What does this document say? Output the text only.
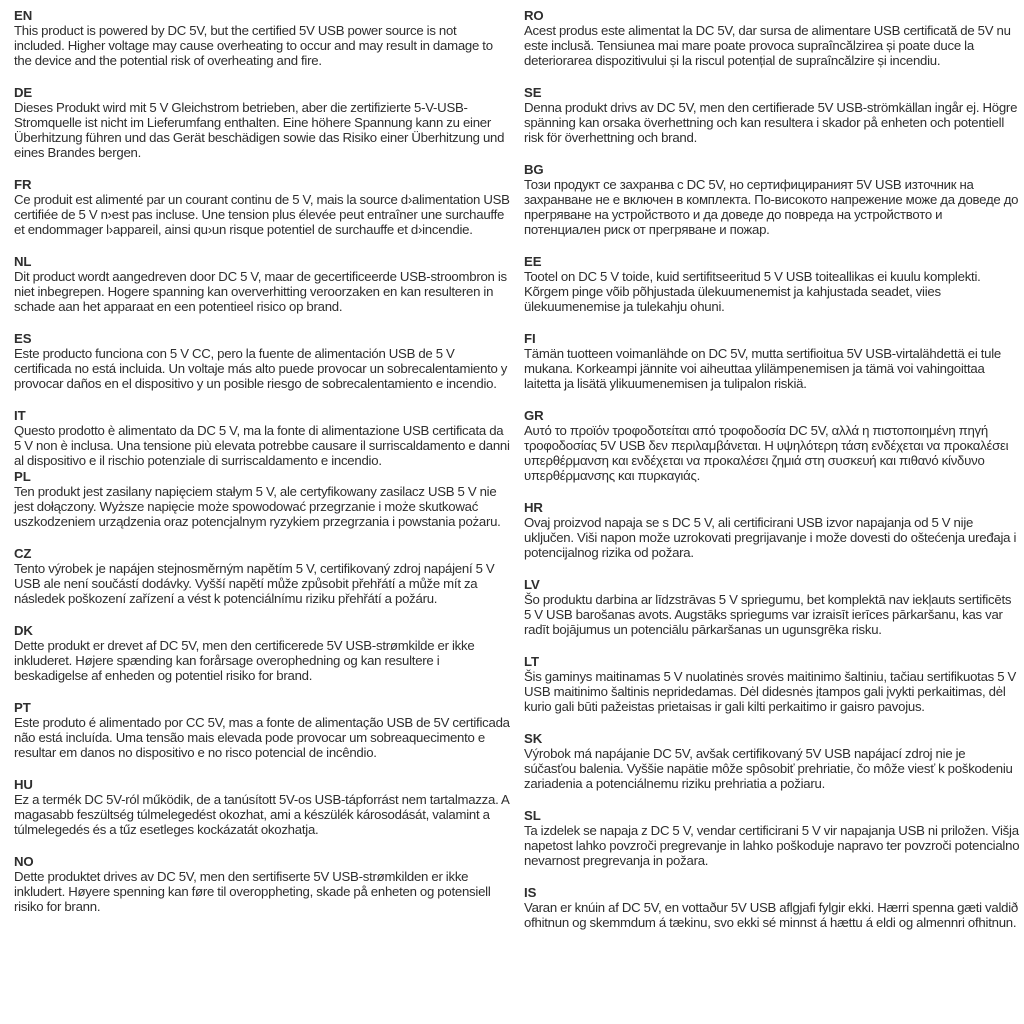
EN

This product is powered by DC 5V, but the certified 5V USB power source is not included. Higher voltage may cause overheating to occur and may result in damage to the device and the potential risk of overheating and fire.

DE

Dieses Produkt wird mit 5 V Gleichstrom betrieben, aber die zertifizierte 5-V-USB-Stromquelle ist nicht im Lieferumfang enthalten. Eine höhere Spannung kann zu einer Überhitzung führen und das Gerät beschädigen sowie das Risiko einer Überhitzung und eines Brandes bergen.

FR

Ce produit est alimenté par un courant continu de 5 V, mais la source d›alimentation USB certifiée de 5 V n›est pas incluse. Une tension plus élevée peut entraîner une surchauffe et endommager l›appareil, ainsi qu›un risque potentiel de surchauffe et d›incendie.

NL

Dit product wordt aangedreven door DC 5 V, maar de gecertificeerde USB-stroombron is niet inbegrepen. Hogere spanning kan oververhitting veroorzaken en kan resulteren in schade aan het apparaat en een potentieel risico op brand.

ES

Este producto funciona con 5 V CC, pero la fuente de alimentación USB de 5 V certificada no está incluida. Un voltaje más alto puede provocar un sobrecalentamiento y provocar daños en el dispositivo y un posible riesgo de sobrecalentamiento e incendio.

IT

Questo prodotto è alimentato da DC 5 V, ma la fonte di alimentazione USB certificata da 5 V non è inclusa. Una tensione più elevata potrebbe causare il surriscaldamento e danni al dispositivo e il rischio potenziale di surriscaldamento e incendio.

PL

Ten produkt jest zasilany napięciem stałym 5 V, ale certyfikowany zasilacz USB 5 V nie jest dołączony. Wyższe napięcie może spowodować przegrzanie i może skutkować uszkodzeniem urządzenia oraz potencjalnym ryzykiem przegrzania i powstania pożaru.

CZ

Tento výrobek je napájen stejnosměrným napětím 5 V, certifikovaný zdroj napájení 5 V USB ale není součástí dodávky. Vyšší napětí může způsobit přehřátí a může mít za následek poškození zařízení a vést k potenciálnímu riziku přehřátí a požáru.

DK

Dette produkt er drevet af DC 5V, men den certificerede 5V USB-strømkilde er ikke inkluderet. Højere spænding kan forårsage overophedning og kan resultere i beskadigelse af enheden og potentiel risiko for brand.

PT

Este produto é alimentado por CC 5V, mas a fonte de alimentação USB de 5V certificada não está incluída. Uma tensão mais elevada pode provocar um sobreaquecimento e resultar em danos no dispositivo e no risco potencial de incêndio.

HU

Ez a termék DC 5V-ról működik, de a tanúsított 5V-os USB-tápforrást nem tartalmazza. A magasabb feszültség túlmelegedést okozhat, ami a készülék károsodását, valamint a túlmelegedés és a tűz esetleges kockázatát okozhatja.

NO

Dette produktet drives av DC 5V, men den sertifiserte 5V USB-strømkilden er ikke inkludert. Høyere spenning kan føre til overoppheting, skade på enheten og potensiell risiko for brann.

RO

Acest produs este alimentat la DC 5V, dar sursa de alimentare USB certificată de 5V nu este inclusă. Tensiunea mai mare poate provoca supraîncălzirea și poate duce la deteriorarea dispozitivului și la riscul potențial de supraîncălzire și incendiu.

SE

Denna produkt drivs av DC 5V, men den certifierade 5V USB-strömkällan ingår ej. Högre spänning kan orsaka överhettning och kan resultera i skador på enheten och potentiell risk för överhettning och brand.

BG

Този продукт се захранва с DC 5V, но сертифицираният 5V USB източник на захранване не е включен в комплекта. По-високото напрежение може да доведе до прегряване на устройството и да доведе до повреда на устройството и потенциален риск от прегряване и пожар.

EE

Tootel on DC 5 V toide, kuid sertifitseeritud 5 V USB toiteallikas ei kuulu komplekti. Kõrgem pinge võib põhjustada ülekuumenemist ja kahjustada seadet, viies ülekuumenemise ja tulekahju ohuni.

FI

Tämän tuotteen voimanlähde on DC 5V, mutta sertifioitua 5V USB-virtalähdettä ei tule mukana. Korkeampi jännite voi aiheuttaa ylilämpenemisen ja tämä voi vahingoittaa laitetta ja lisätä ylikuumenemisen ja tulipalon riskiä.

GR

Αυτό το προϊόν τροφοδοτείται από τροφοδοσία DC 5V, αλλά η πιστοποιημένη πηγή τροφοδοσίας 5V USB δεν περιλαμβάνεται. Η υψηλότερη τάση ενδέχεται να προκαλέσει υπερθέρμανση και ενδέχεται να προκαλέσει ζημιά στη συσκευή και πιθανό κίνδυνο υπερθέρμανσης και πυρκαγιάς.

HR

Ovaj proizvod napaja se s DC 5 V, ali certificirani USB izvor napajanja od 5 V nije uključen. Viši napon može uzrokovati pregrijavanje i može dovesti do oštećenja uređaja i potencijalnog rizika od požara.

LV

Šo produktu darbina ar līdzstrāvas 5 V spriegumu, bet komplektā nav iekļauts sertificēts 5 V USB barošanas avots. Augstāks spriegums var izraisīt ierīces pārkaršanu, kas var radīt bojājumus un potenciālu pārkaršanas un ugunsgrēka risku.

LT

Šis gaminys maitinamas 5 V nuolatinės srovės maitinimo šaltiniu, tačiau sertifikuotas 5 V USB maitinimo šaltinis nepridedamas. Dėl didesnės įtampos gali įvykti perkaitimas, dėl kurio gali būti pažeistas prietaisas ir gali kilti perkaitimo ir gaisro pavojus.

SK

Výrobok má napájanie DC 5V, avšak certifikovaný 5V USB napájací zdroj nie je súčasťou balenia. Vyššie napätie môže spôsobiť prehriatie, čo môže viesť k poškodeniu zariadenia a potenciálnemu riziku prehriatia a požiaru.

SL

Ta izdelek se napaja z DC 5 V, vendar certificirani 5 V vir napajanja USB ni priložen. Višja napetost lahko povzroči pregrevanje in lahko poškoduje napravo ter povzroči potencialno nevarnost pregrevanja in požara.

IS

Varan er knúin af DC 5V, en vottaður 5V USB aflgjafi fylgir ekki. Hærri spenna gæti valdið ofhitnun og skemmdum á tækinu, svo ekki sé minnst á hættu á eldi og almennri ofhitnun.
